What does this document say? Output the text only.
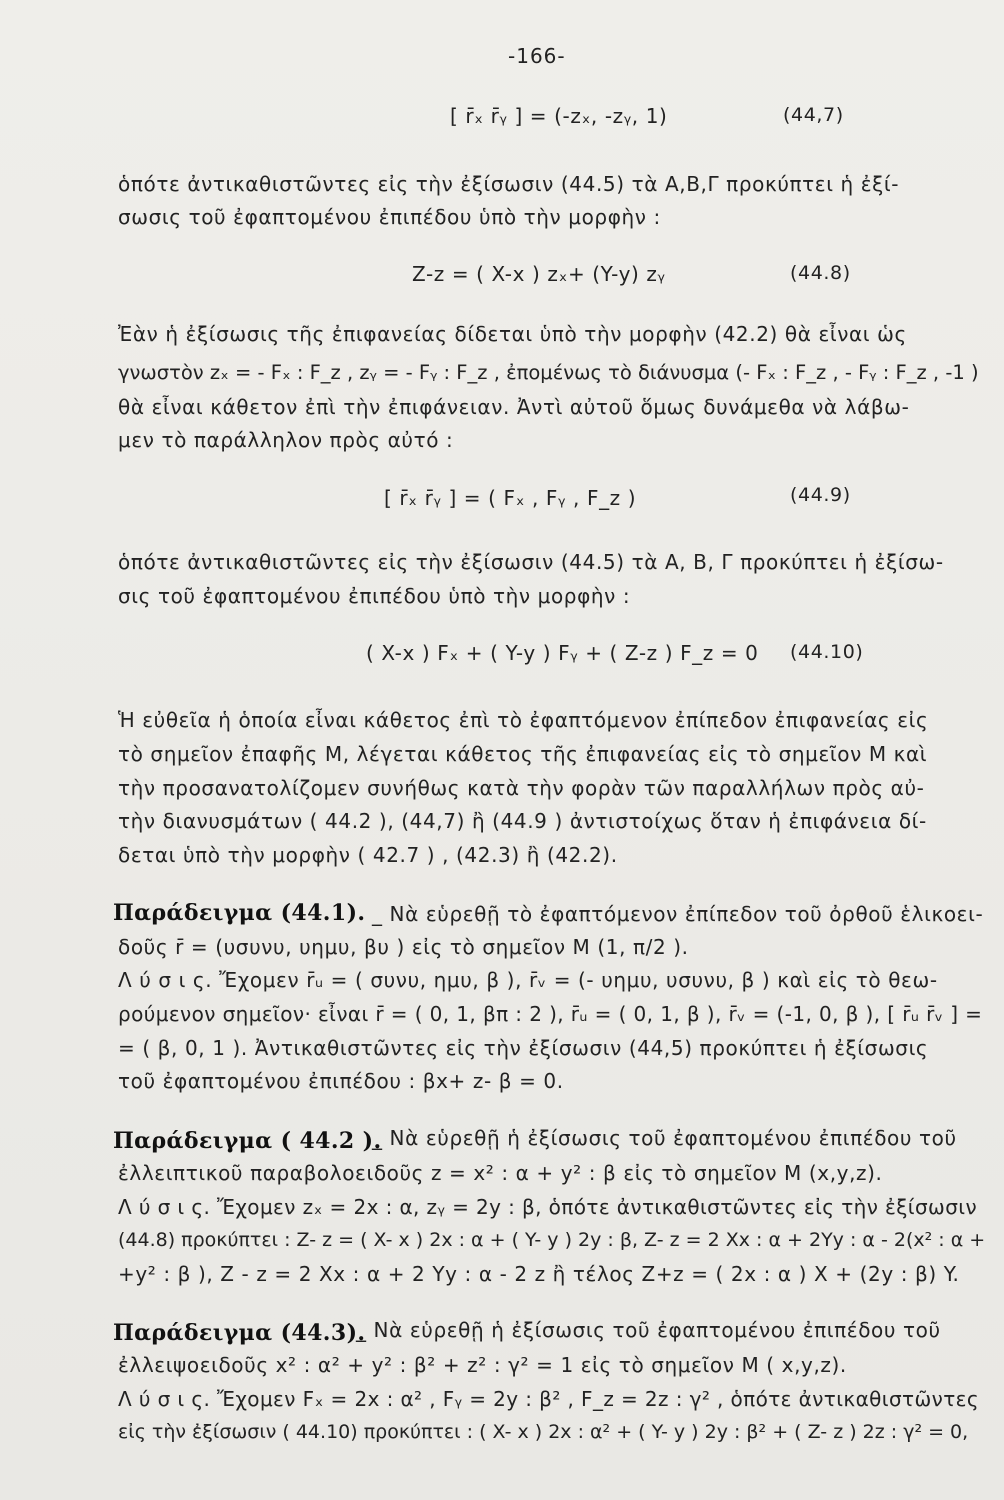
-166-
[ r̄ₓ r̄ᵧ ] = (-zₓ, -zᵧ, 1)	(44,7)
ὁπότε ἀντικαθιστῶντες εἰς τὴν ἐξίσωσιν (44.5) τὰ Α,Β,Γ προκύπτει ἡ ἐξί-
σωσις τοῦ ἐφαπτομένου ἐπιπέδου ὑπὸ τὴν μορφὴν :
Z-z = ( X-x ) zₓ+ (Y-y) zᵧ	(44.8)
Ἐὰν ἡ ἐξίσωσις τῆς ἐπιφανείας δίδεται ὑπὸ τὴν μορφὴν (42.2) θὰ εἶναι ὡς
γνωστὸν zₓ = - Fₓ : F_z , zᵧ = - Fᵧ : F_z , ἐπομένως τὸ διάνυσμα (- Fₓ : F_z , - Fᵧ : F_z , -1 )
θὰ εἶναι κάθετον ἐπὶ τὴν ἐπιφάνειαν. Ἀντὶ αὐτοῦ ὅμως δυνάμεθα νὰ λάβω-
μεν τὸ παράλληλον πρὸς αὐτό :
[ r̄ₓ r̄ᵧ ] = ( Fₓ , Fᵧ , F_z )	(44.9)
ὁπότε ἀντικαθιστῶντες εἰς τὴν ἐξίσωσιν (44.5) τὰ Α, Β, Γ προκύπτει ἡ ἐξίσω-
σις τοῦ ἐφαπτομένου ἐπιπέδου ὑπὸ τὴν μορφὴν :
( X-x ) Fₓ + ( Y-y ) Fᵧ + ( Z-z ) F_z = 0 (44.10)
Ἡ εὐθεῖα ἡ ὁποία εἶναι κάθετος ἐπὶ τὸ ἐφαπτόμενον ἐπίπεδον ἐπιφανείας εἰς
τὸ σημεῖον ἐπαφῆς Μ, λέγεται κάθετος τῆς ἐπιφανείας εἰς τὸ σημεῖον Μ καὶ
τὴν προσανατολίζομεν συνήθως κατὰ τὴν φορὰν τῶν παραλλήλων πρὸς αὐ-
τὴν διανυσμάτων ( 44.2 ), (44,7) ἢ (44.9 ) ἀντιστοίχως ὅταν ἡ ἐπιφάνεια δί-
δεται ὑπὸ τὴν μορφὴν ( 42.7 ) , (42.3) ἢ (42.2).
Παράδειγμα (44.1). _ Νὰ εὑρεθῇ τὸ ἐφαπτόμενον ἐπίπεδον τοῦ ὀρθοῦ ἑλικοει-
δοῦς r̄ = (υσυνυ, υημυ, βυ ) εἰς τὸ σημεῖον Μ (1, π/2 ).
Λ ύ σ ι ς. Ἔχομεν r̄ᵤ = ( συνυ, ημυ, β ), r̄ᵥ = (- υημυ, υσυνυ, β ) καὶ εἰς τὸ θεω-
ρούμενον σημεῖον· εἶναι r̄ = ( 0, 1, βπ : 2 ), r̄ᵤ = ( 0, 1, β ), r̄ᵥ = (-1, 0, β ), [ r̄ᵤ r̄ᵥ ] =
= ( β, 0, 1 ). Ἀντικαθιστῶντες εἰς τὴν ἐξίσωσιν (44,5) προκύπτει ἡ ἐξίσωσις
τοῦ ἐφαπτομένου ἐπιπέδου : βx+ z- β = 0.
Παράδειγμα ( 44.2 ).
_ Νὰ εὑρεθῇ ἡ ἐξίσωσις τοῦ ἐφαπτομένου ἐπιπέδου τοῦ
ἐλλειπτικοῦ παραβολοειδοῦς z = x² : α + y² : β εἰς τὸ σημεῖον Μ (x,y,z).
Λ ύ σ ι ς. Ἔχομεν zₓ = 2x : α, zᵧ = 2y : β, ὁπότε ἀντικαθιστῶντες εἰς τὴν ἐξίσωσιν
(44.8) προκύπτει : Z- z = ( X- x ) 2x : α + ( Y- y ) 2y : β, Z- z = 2 Xx : α + 2Yy : α - 2(x² : α +
+y² : β ), Z - z = 2 Xx : α + 2 Yy : α - 2 z ἢ τέλος Z+z = ( 2x : α ) X + (2y : β) Y.
Παράδειγμα (44.3).
_ Νὰ εὑρεθῇ ἡ ἐξίσωσις τοῦ ἐφαπτομένου ἐπιπέδου τοῦ
ἐλλειψοειδοῦς x² : α² + y² : β² + z² : γ² = 1 εἰς τὸ σημεῖον Μ ( x,y,z).
Λ ύ σ ι ς. Ἔχομεν Fₓ = 2x : α² , Fᵧ = 2y : β² , F_z = 2z : γ² , ὁπότε ἀντικαθιστῶντες
εἰς τὴν ἐξίσωσιν ( 44.10) προκύπτει : ( X- x ) 2x : α² + ( Y- y ) 2y : β² + ( Z- z ) 2z : γ² = 0,
